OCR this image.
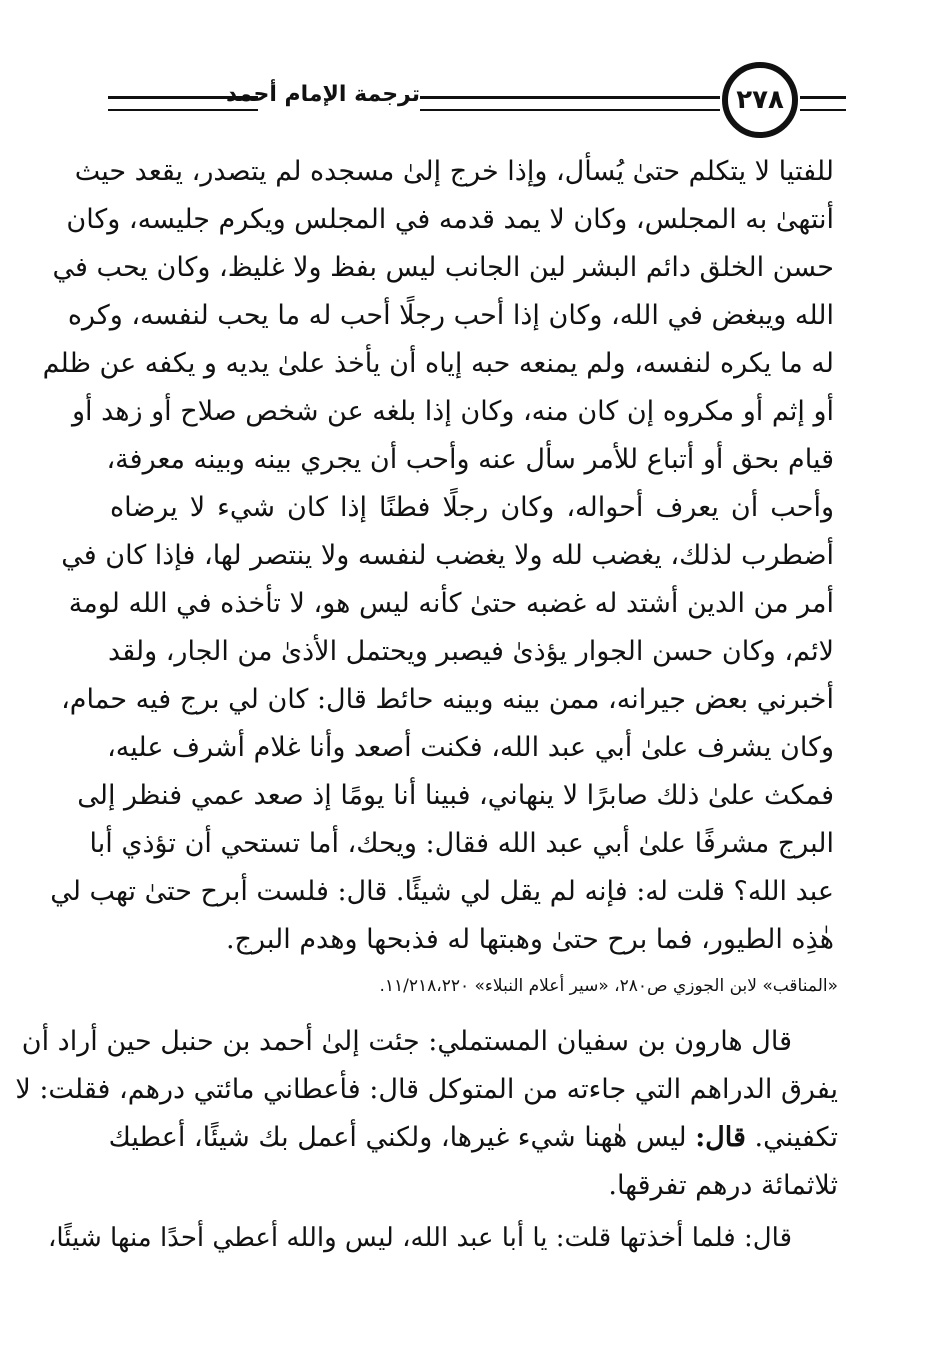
ترجمة الإمام أحمد	٢٧٨
للفتيا لا يتكلم حتىٰ يُسأل، وإذا خرج إلىٰ مسجده لم يتصدر، يقعد حيث
أنتهىٰ به المجلس، وكان لا يمد قدمه في المجلس ويكرم جليسه، وكان
حسن الخلق دائم البشر لين الجانب ليس بفظ ولا غليظ، وكان يحب في
الله ويبغض في الله، وكان إذا أحب رجلًا أحب له ما يحب لنفسه، وكره
له ما يكره لنفسه، ولم يمنعه حبه إياه أن يأخذ علىٰ يديه و يكفه عن ظلم
أو إثم أو مكروه إن كان منه، وكان إذا بلغه عن شخص صلاح أو زهد أو
قيام بحق أو أتباع للأمر سأل عنه وأحب أن يجري بينه وبينه معرفة،
وأحب أن يعرف أحواله، وكان رجلًا فطنًا إذا كان شيء لا يرضاه
أضطرب لذلك، يغضب لله ولا يغضب لنفسه ولا ينتصر لها، فإذا كان في
أمر من الدين أشتد له غضبه حتىٰ كأنه ليس هو، لا تأخذه في الله لومة
لائم، وكان حسن الجوار يؤذىٰ فيصبر ويحتمل الأذىٰ من الجار، ولقد
أخبرني بعض جيرانه، ممن بينه وبينه حائط قال: كان لي برج فيه حمام،
وكان يشرف علىٰ أبي عبد الله، فكنت أصعد وأنا غلام أشرف عليه،
فمكث علىٰ ذلك صابرًا لا ينهاني، فبينا أنا يومًا إذ صعد عمي فنظر إلى
البرج مشرفًا علىٰ أبي عبد الله فقال: ويحك، أما تستحي أن تؤذي أبا
عبد الله؟ قلت له: فإنه لم يقل لي شيئًا. قال: فلست أبرح حتىٰ تهب لي
هٰذِه الطيور، فما برح حتىٰ وهبتها له فذبحها وهدم البرج.
«المناقب» لابن الجوزي ص٢٨٠، «سير أعلام النبلاء» ١١/٢١٨،٢٢٠.
قال هارون بن سفيان المستملي: جئت إلىٰ أحمد بن حنبل حين أراد أن
يفرق الدراهم التي جاءته من المتوكل قال: فأعطاني مائتي درهم، فقلت: لا
تكفيني. قال: ليس هٰهنا شيء غيرها، ولكني أعمل بك شيئًا، أعطيك
ثلاثمائة درهم تفرقها.
قال: فلما أخذتها قلت: يا أبا عبد الله، ليس والله أعطي أحدًا منها شيئًا،
